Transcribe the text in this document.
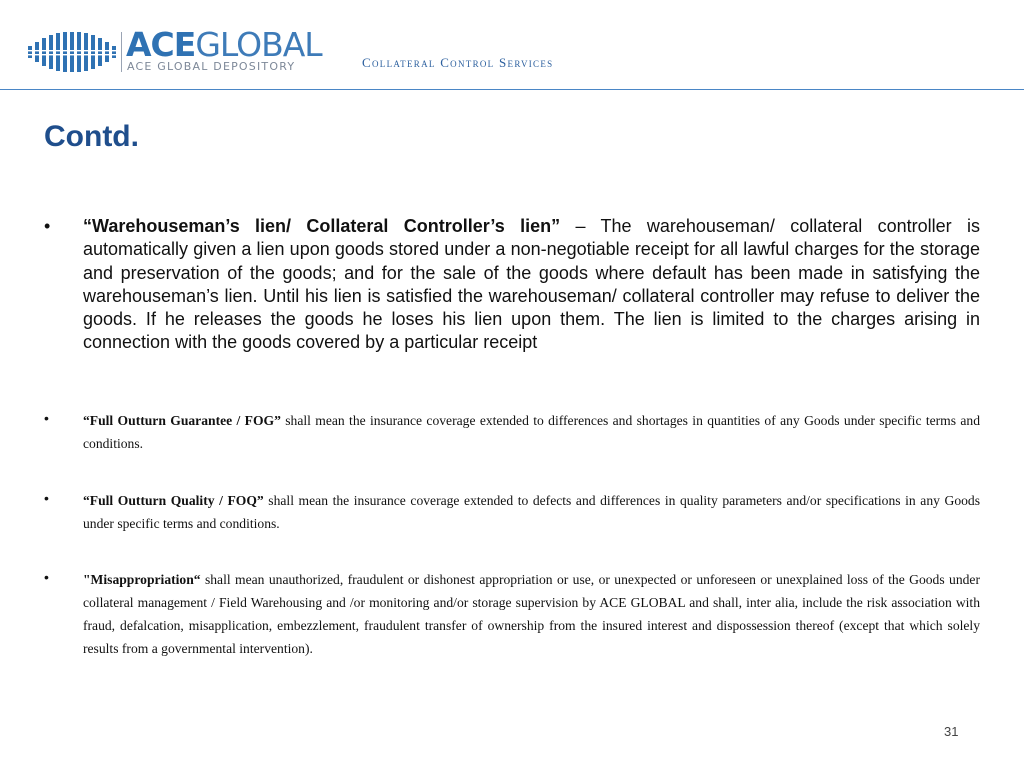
ACEGLOBAL
ACE GLOBAL DEPOSITORY	Collateral Control Services
Contd.
• “Warehouseman’s lien/ Collateral Controller’s lien” – The warehouseman/ collateral controller is automatically given a lien upon goods stored under a non-negotiable receipt for all lawful charges for the storage and preservation of the goods; and for the sale of the goods where default has been made in satisfying the warehouseman’s lien. Until his lien is satisfied the warehouseman/ collateral controller may refuse to deliver the goods. If he releases the goods he loses his lien upon them. The lien is limited to the charges arising in connection with the goods covered by a particular receipt
•	“Full Outturn Guarantee / FOG” shall mean the insurance coverage extended to differences and shortages in quantities of any Goods under specific terms and conditions.
•	“Full Outturn Quality / FOQ” shall mean the insurance coverage extended to defects and differences in quality parameters and/or specifications in any Goods under specific terms and conditions.
•	"Misappropriation“ shall mean unauthorized, fraudulent or dishonest appropriation or use, or unexpected or unforeseen or unexplained loss of the Goods under collateral management / Field Warehousing and /or monitoring and/or storage supervision by ACE GLOBAL and shall, inter alia, include the risk association with fraud, defalcation, misapplication, embezzlement, fraudulent transfer of ownership from the insured interest and dispossession thereof (except that which solely results from a governmental intervention).
31
